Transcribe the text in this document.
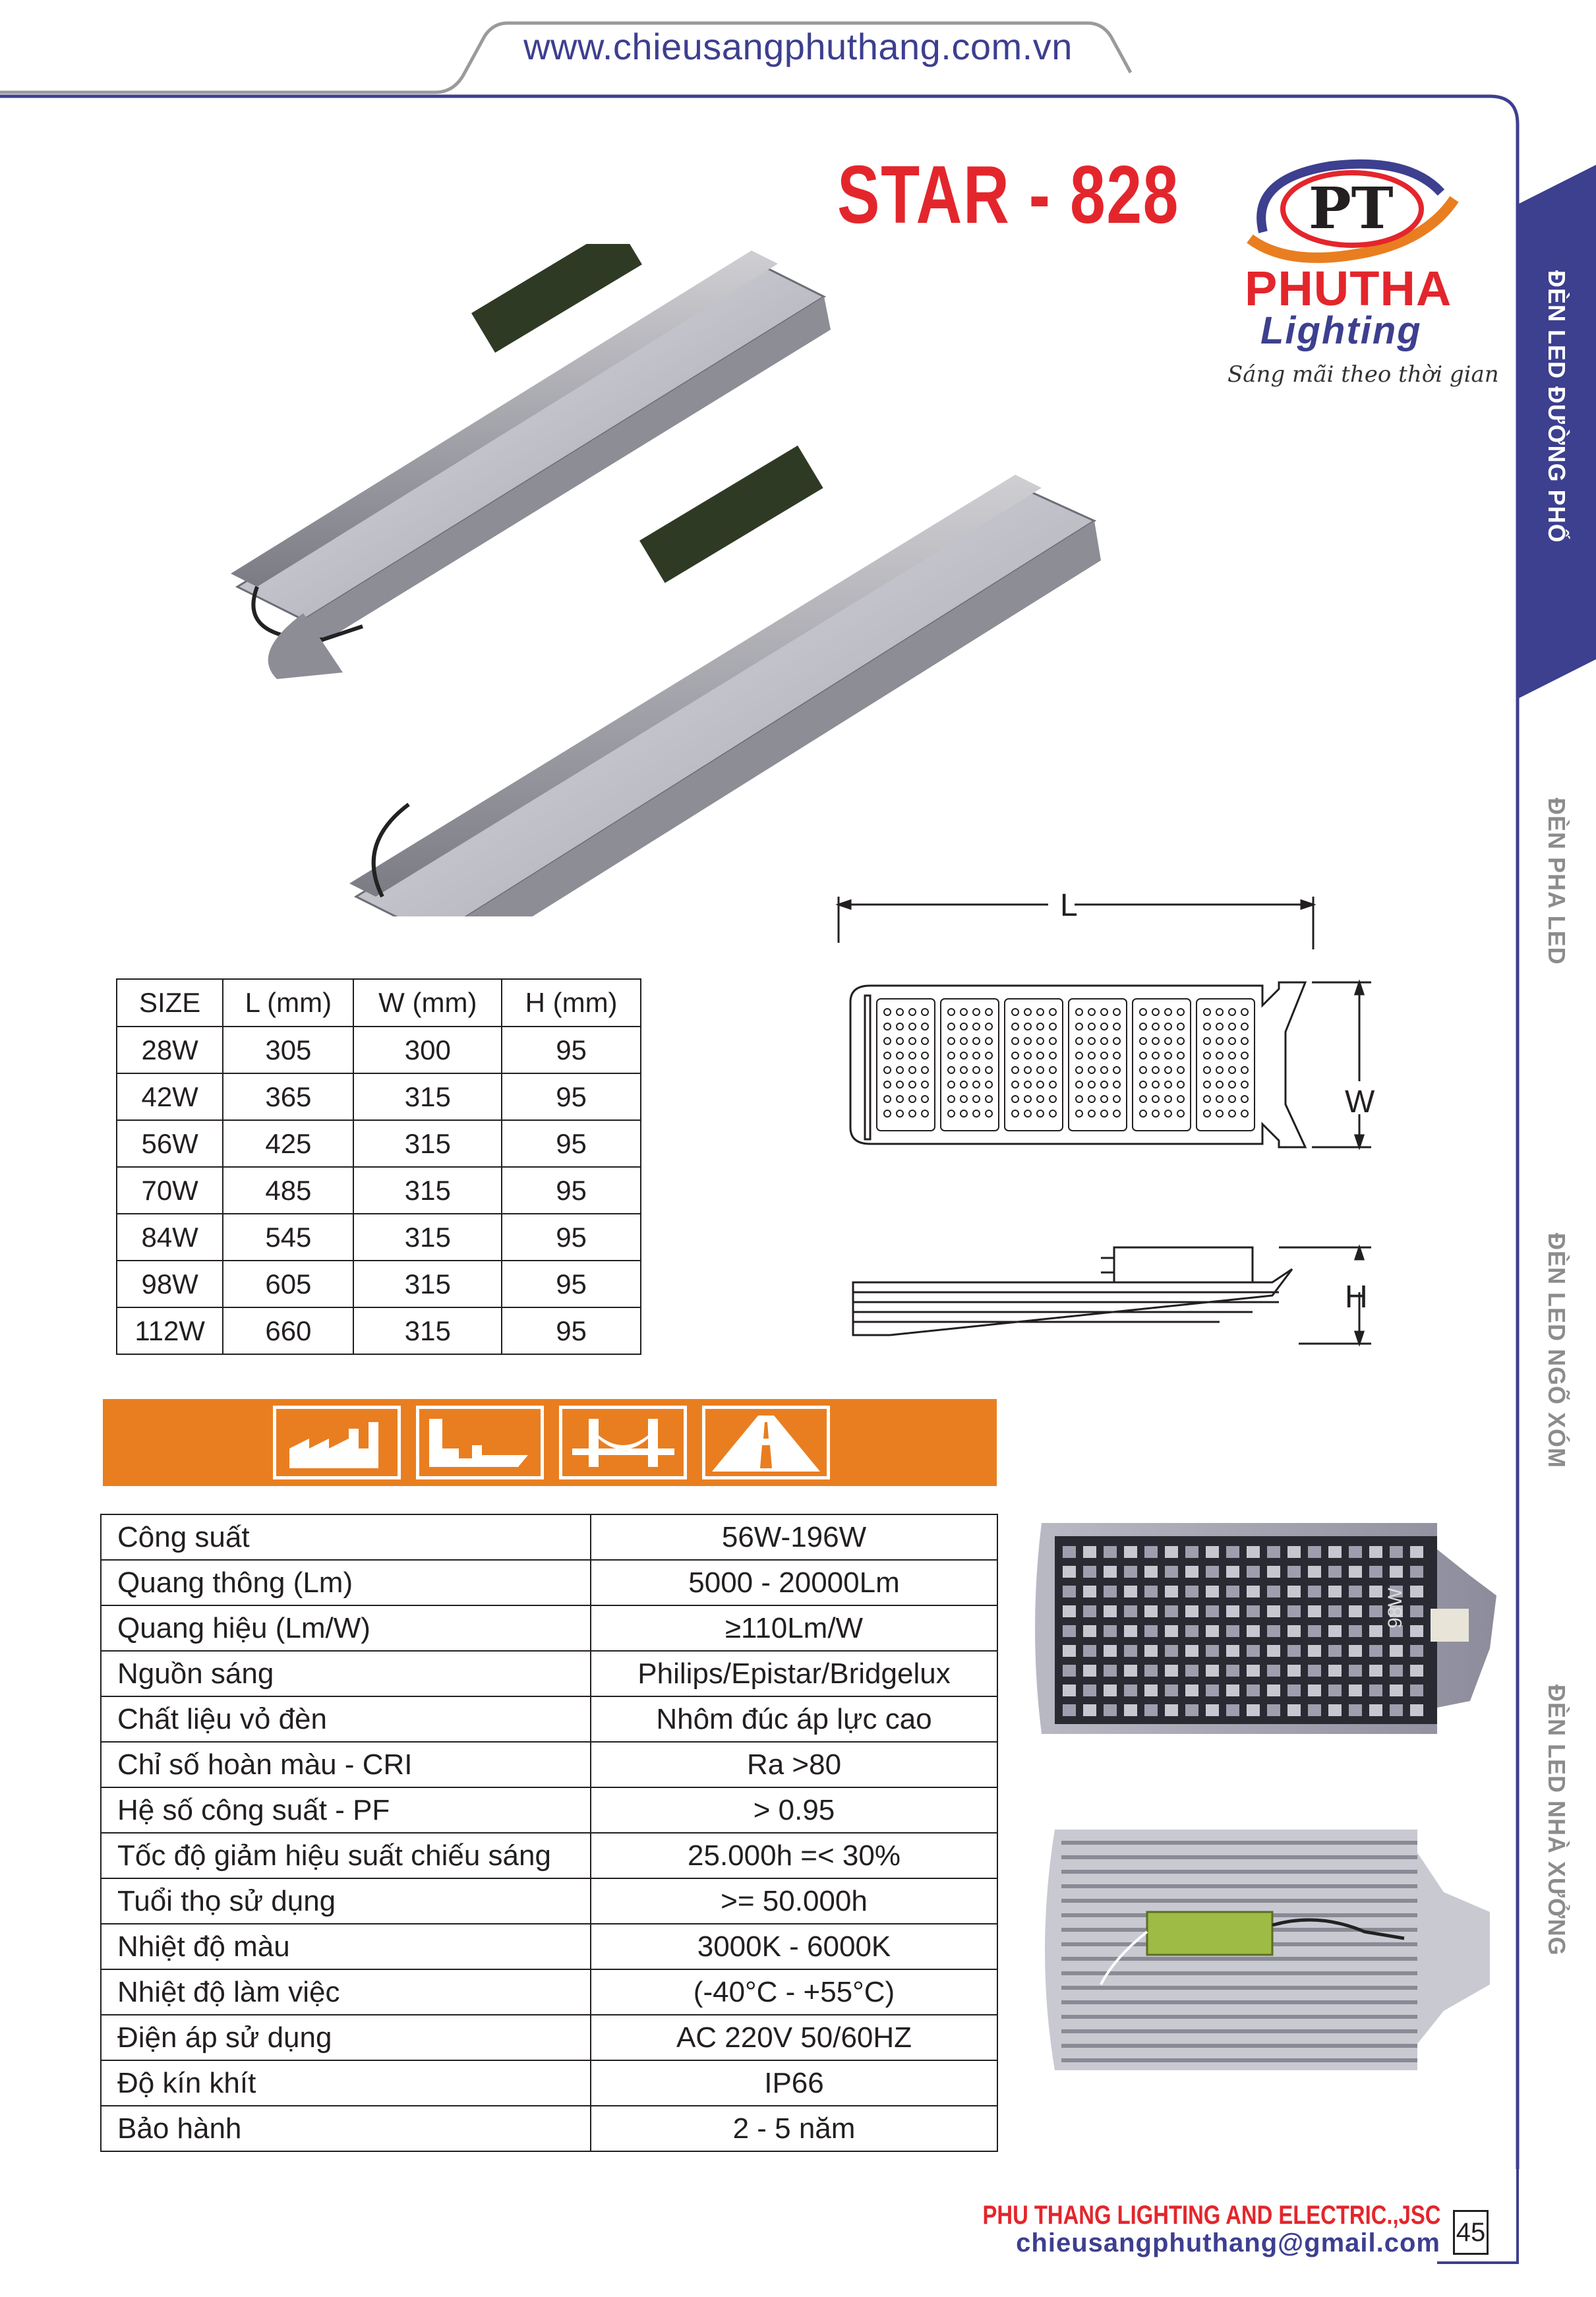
www.chieusangphuthang.com.vn
STAR - 828 PT
PHUTHA
Lighting
Sáng mãi theo thời gian ĐÈN LED ĐƯỜNG PHỐ
ĐÈN PHA LED
ĐÈN LED NGÕ XÓM
ĐÈN LED NHÀ XƯỞNG
L
W
H
SIZE	L (mm)	W (mm)	H (mm)
28W	305	300	95
42W	365	315	95
56W	425	315	95
70W	485	315	95
84W	545	315	95
98W	605	315	95
112W	660	315	95
Công suất	56W-196W
Quang thông (Lm)	5000 - 20000Lm
Quang hiệu (Lm/W)	≥110Lm/W
Nguồn sáng	Philips/Epistar/Bridgelux
Chất liệu vỏ đèn	Nhôm đúc áp lực cao
Chỉ số hoàn màu - CRI	Ra >80
Hệ số công suất - PF	> 0.95
Tốc độ giảm hiệu suất chiếu sáng	25.000h =< 30%
Tuổi thọ sử dụng	>= 50.000h
Nhiệt độ màu	3000K - 6000K
Nhiệt độ làm việc	(-40°C - +55°C)
Điện áp sử dụng	AC 220V 50/60HZ
Độ kín khít	IP66
Bảo hành	2 - 5 năm
98W
PHU THANG LIGHTING AND ELECTRIC.,JSC
chieusangphuthang@gmail.com 45
